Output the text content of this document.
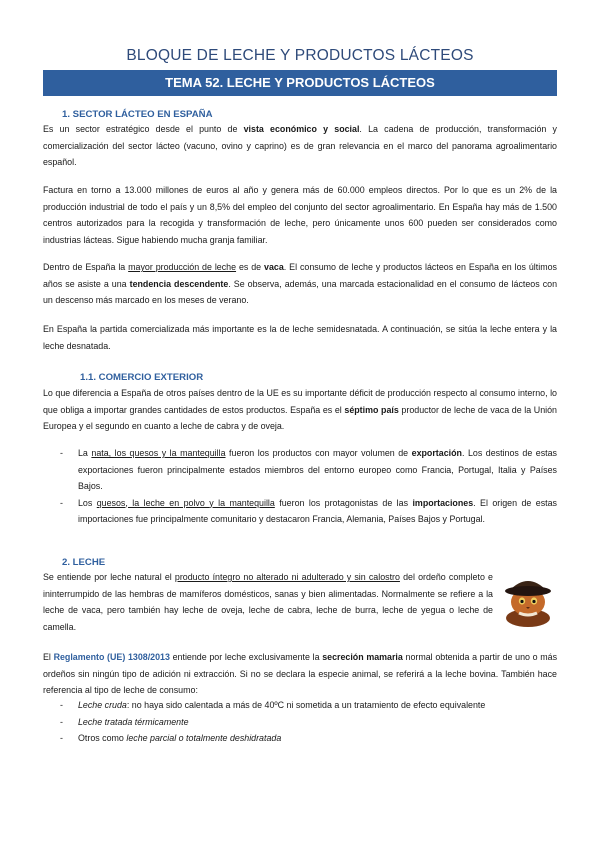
BLOQUE DE LECHE Y PRODUCTOS LÁCTEOS
TEMA 52. LECHE Y PRODUCTOS LÁCTEOS
1. SECTOR LÁCTEO EN ESPAÑA

Es un sector estratégico desde el punto de vista económico y social. La cadena de producción, transformación y comercialización del sector lácteo (vacuno, ovino y caprino) es de gran relevancia en el marco del panorama agroalimentario español.

Factura en torno a 13.000 millones de euros al año y genera más de 60.000 empleos directos. Por lo que es un 2% de la producción industrial de todo el país y un 8,5% del empleo del conjunto del sector agroalimentario. En España hay más de 1.500 centros autorizados para la recogida y transformación de leche, pero únicamente unos 600 pueden ser considerados como industrias lácteas. Sigue habiendo mucha granja familiar.

Dentro de España la mayor producción de leche es de vaca. El consumo de leche y productos lácteos en España en los últimos años se asiste a una tendencia descendente. Se observa, además, una marcada estacionalidad en el consumo de lácteos con un descenso más marcado en los meses de verano.

En España la partida comercializada más importante es la de leche semidesnatada. A continuación, se sitúa la leche entera y la leche desnatada.

1.1. COMERCIO EXTERIOR

Lo que diferencia a España de otros países dentro de la UE es su importante déficit de producción respecto al consumo interno, lo que obliga a importar grandes cantidades de estos productos. España es el séptimo país productor de leche de vaca de la Unión Europea y el segundo en cuanto a leche de cabra y de oveja.

- La nata, los quesos y la mantequilla fueron los productos con mayor volumen de exportación. Los destinos de estas exportaciones fueron principalmente estados miembros del entorno europeo como Francia, Portugal, Italia y Países Bajos.
- Los quesos, la leche en polvo y la mantequilla fueron los protagonistas de las importaciones. El origen de estas importaciones fue principalmente comunitario y destacaron Francia, Alemania, Países Bajos y Portugal.
2. LECHE

Se entiende por leche natural el producto íntegro no alterado ni adulterado y sin calostro del ordeño completo e ininterrumpido de las hembras de mamíferos domésticos, sanas y bien alimentadas. Normalmente se refiere a la leche de vaca, pero también hay leche de oveja, leche de cabra, leche de burra, leche de yegua o leche de camella.

El Reglamento (UE) 1308/2013 entiende por leche exclusivamente la secreción mamaria normal obtenida a partir de uno o más ordeños sin ningún tipo de adición ni extracción. Si no se declara la especie animal, se referirá a la leche bovina. También hace referencia al tipo de leche de consumo:

- Leche cruda: no haya sido calentada a más de 40ºC ni sometida a un tratamiento de efecto equivalente
- Leche tratada térmicamente
- Otros como leche parcial o totalmente deshidratada
